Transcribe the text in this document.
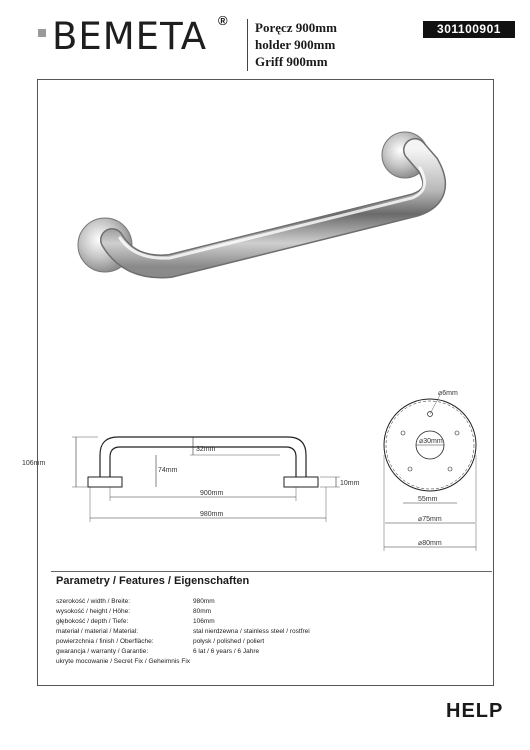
BEMETA ® Poręcz 900mm
holder 900mm
Griff 900mm
301100901
106mm
74mm
32mm
10mm
900mm
980mm
⌀6mm
⌀30mm
55mm
⌀75mm
⌀80mm
Parametry / Features / Eigenschaften
szerokość / width / Breite:	980mm
wysokość / height / Höhe:	80mm
głębokość / depth / Tiefe:	106mm
materiał / material / Material:	stal nierdzewna / stainless steel / rostfrei
powierzchnia / finish / Oberfläche:	połysk / polished / poliert
gwarancja / warranty / Garantie:	6 lat / 6 years / 6 Jahre
ukryte mocowanie / Secret Fix / Geheimnis Fix
HELP
